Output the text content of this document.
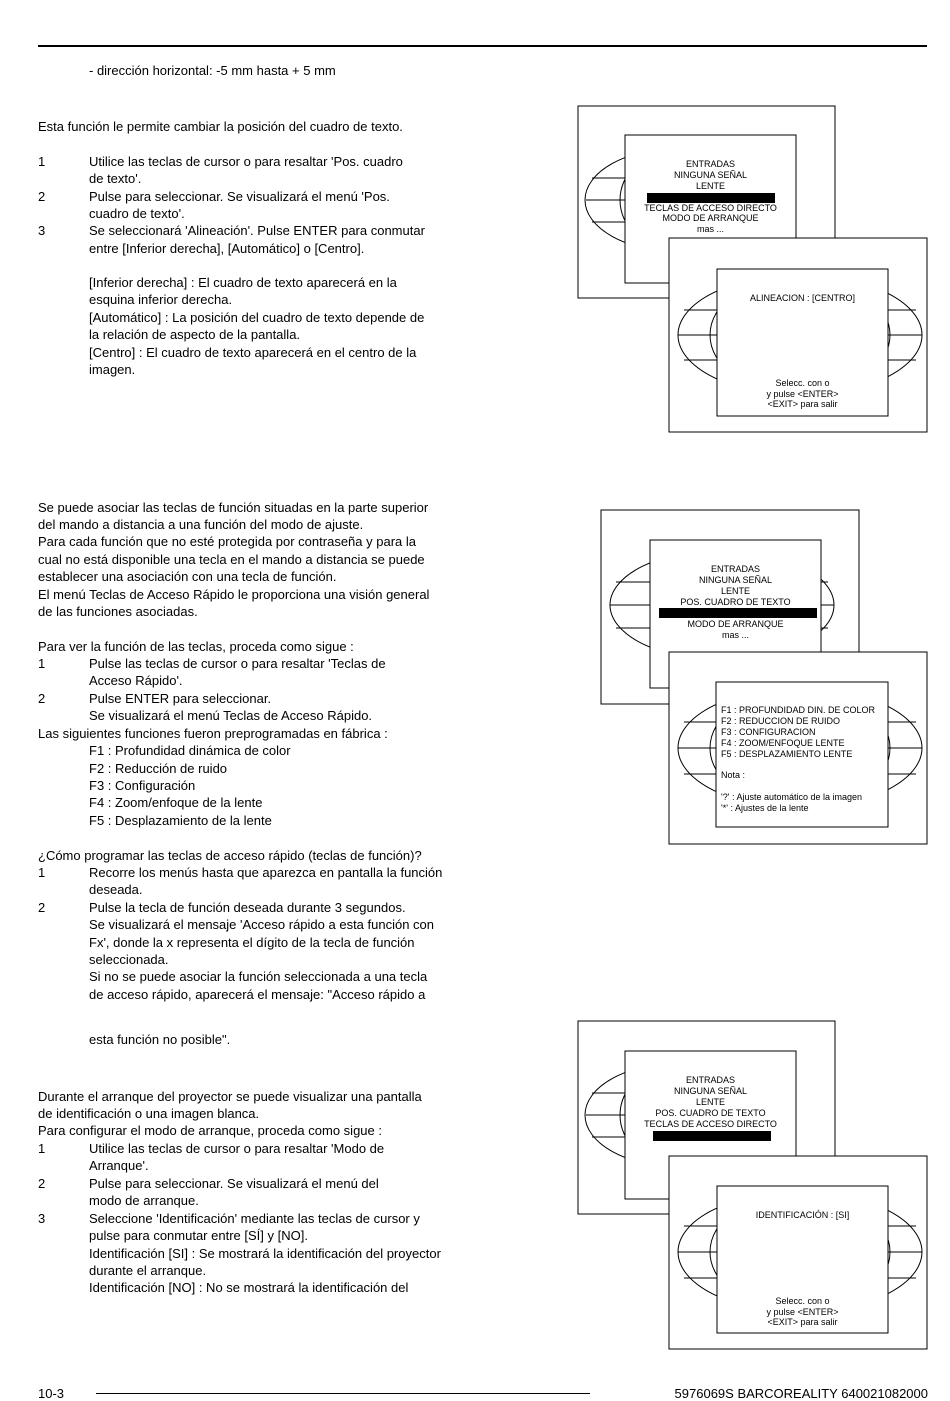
- dirección horizontal: -5 mm hasta + 5 mm
Esta función le permite cambiar la posición del cuadro de texto.
1	Utilice las teclas de cursor o para resaltar 'Pos. cuadro
de texto'.
2	Pulse para seleccionar. Se visualizará el menú 'Pos.
cuadro de texto'.
3	Se seleccionará 'Alineación'. Pulse ENTER para conmutar
entre [Inferior derecha], [Automático] o [Centro].
[Inferior derecha] : El cuadro de texto aparecerá en la
esquina inferior derecha.
[Automático] : La posición del cuadro de texto depende de
la relación de aspecto de la pantalla.
[Centro] : El cuadro de texto aparecerá en el centro de la
imagen.
Se puede asociar las teclas de función situadas en la parte superior
del mando a distancia a una función del modo de ajuste.
Para cada función que no esté protegida por contraseña y para la
cual no está disponible una tecla en el mando a distancia se puede
establecer una asociación con una tecla de función.
El menú Teclas de Acceso Rápido le proporciona una visión general
de las funciones asociadas.
Para ver la función de las teclas, proceda como sigue :
1	Pulse las teclas de cursor o para resaltar 'Teclas de
Acceso Rápido'.
2	Pulse ENTER para seleccionar.
Se visualizará el menú Teclas de Acceso Rápido.
Las siguientes funciones fueron preprogramadas en fábrica :
F1 : Profundidad dinámica de color
F2 : Reducción de ruido
F3 : Configuración
F4 : Zoom/enfoque de la lente
F5 : Desplazamiento de la lente
¿Cómo programar las teclas de acceso rápido (teclas de función)?
1	Recorre los menús hasta que aparezca en pantalla la función
deseada.
2	Pulse la tecla de función deseada durante 3 segundos.
Se visualizará el mensaje 'Acceso rápido a esta función con
Fx', donde la x representa el dígito de la tecla de función
seleccionada.
Si no se puede asociar la función seleccionada a una tecla
de acceso rápido, aparecerá el mensaje: "Acceso rápido a
esta función no posible".
Durante el arranque del proyector se puede visualizar una pantalla
de identificación o una imagen blanca.
Para configurar el modo de arranque, proceda como sigue :
1	Utilice las teclas de cursor o para resaltar 'Modo de
Arranque'.
2	Pulse para seleccionar. Se visualizará el menú del
modo de arranque.
3	Seleccione 'Identificación' mediante las teclas de cursor y
pulse para conmutar entre [SÍ] y [NO].
Identificación [SI] : Se mostrará la identificación del proyector
durante el arranque.
Identificación [NO] : No se mostrará la identificación del
ENTRADAS
NINGUNA SEÑAL
LENTE
TECLAS DE ACCESO DIRECTO
MODO DE ARRANQUE
mas ...
ALINEACION : [CENTRO]
Selecc. con o
y pulse <ENTER>
<EXIT> para salir
ENTRADAS
NINGUNA SEÑAL
LENTE
POS. CUADRO DE TEXTO
MODO DE ARRANQUE
mas ...
F1 : PROFUNDIDAD DIN. DE COLOR
F2 : REDUCCION DE RUIDO
F3 : CONFIGURACION
F4 : ZOOM/ENFOQUE LENTE
F5 : DESPLAZAMIENTO LENTE
Nota :
'?' : Ajuste automático de la imagen
'*' : Ajustes de la lente
ENTRADAS
NINGUNA SEÑAL
LENTE
POS. CUADRO DE TEXTO
TECLAS DE ACCESO DIRECTO
IDENTIFICACIÓN : [SI]
Selecc. con o
y pulse <ENTER>
<EXIT> para salir
10-3	5976069S BARCOREALITY 640021082000
